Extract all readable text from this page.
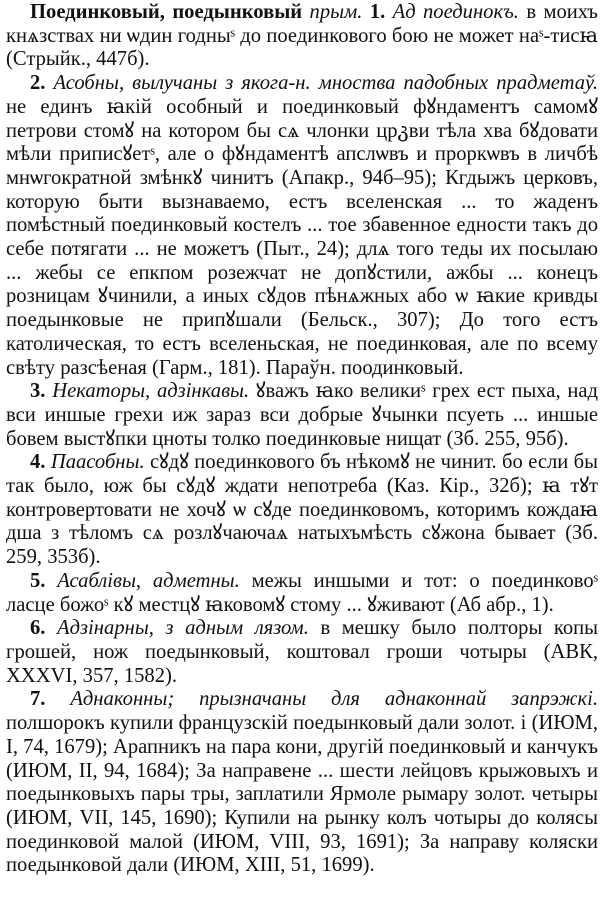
Поединковый, поедынковый прым. 1. Ад поединокъ. в моихъ кнѧзствах ни ѡдин годныˢ до поединкового бою не может наˢ-тисꙗ (Стрыйк., 447б).

2. Асобны, вылучаны з якога-н. мноства падобных прадметаў. не единъ ꙗкій особный и поединковый фꙋндаментъ самомꙋ петрови стомꙋ на котором бы сѧ члонки црკви тѣла хва бꙋдовати мѣли приписꙋетˢ, але о фꙋндаментѣ апслѡвъ и проркѡвъ в личбѣ мнѡгократной змѣнкꙋ чинитъ (Апакр., 94б–95); Кгдыжъ церковъ, которую быти вызнаваемо, естъ вселенская ... то жаденъ помѣстный поединковый костелъ ... тое збавенное едности такъ до себе потягати ... не можетъ (Пыт., 24); длѧ того теды их посылаю ... жебы се епкпом розежчат не допꙋстили, ажбы ... конецъ розницам ꙋчинили, а иных сꙋдов пѣнѧжных або ѡ ꙗкие кривды поедынковые не припꙋшали (Бельск., 307); До того естъ католическая, то естъ вселеньская, не поединковая, але по всему свѣту разсѣеная (Гарм., 181). Параўн. поодинковый.

3. Некаторы, адзінкавы. ꙋважъ ꙗко великиˢ грех ест пыха, над вси иншые грехи иж зараз вси добрые ꙋчынки псуеть ... иншые бовем выстꙋпки цноты толко поединковые нищат (Зб. 255, 95б).

4. Паасобны. сꙋдꙋ поединкового бъ нѣкомꙋ не чинит. бо если бы так было, юж бы сꙋдꙋ ждати непотреба (Каз. Кір., 32б); ꙗ тꙋт контровертовати не хочꙋ ѡ сꙋде поединковомъ, которимъ кождаꙗ дша з тѣломъ сѧ розлꙋчаючаѧ натыхъмѣсть сꙋжона бывает (Зб. 259, 353б).

5. Асаблівы, адметны. межы иншыми и тот: о поединковоˢ ласце божоˢ кꙋ местцꙋ ꙗковомꙋ стому ... ꙋживают (Аб абр., 1).

6. Адзінарны, з адным лязом. в мешку было полторы копы грошей, нож поедынковый, коштовал гроши чотыры (АВК, XXXVI, 357, 1582).

7. Аднаконны; прызначаны для аднаконнай запрэжкі. полшорокъ купили французскій поедынковый дали золот. і (ИЮМ, I, 74, 1679); Арапникъ на пара кони, другій поединковый и канчукъ (ИЮМ, II, 94, 1684); За направене ... шести лейцовъ крыжовыхъ и поедынковыхъ пары тры, заплатили Ярмоле рымару золот. четыры (ИЮМ, VII, 145, 1690); Купили на рынку колъ чотыры до колясы поединковой малой (ИЮМ, VIII, 93, 1691); За направу коляски поедынковой дали (ИЮМ, XIII, 51, 1699).
